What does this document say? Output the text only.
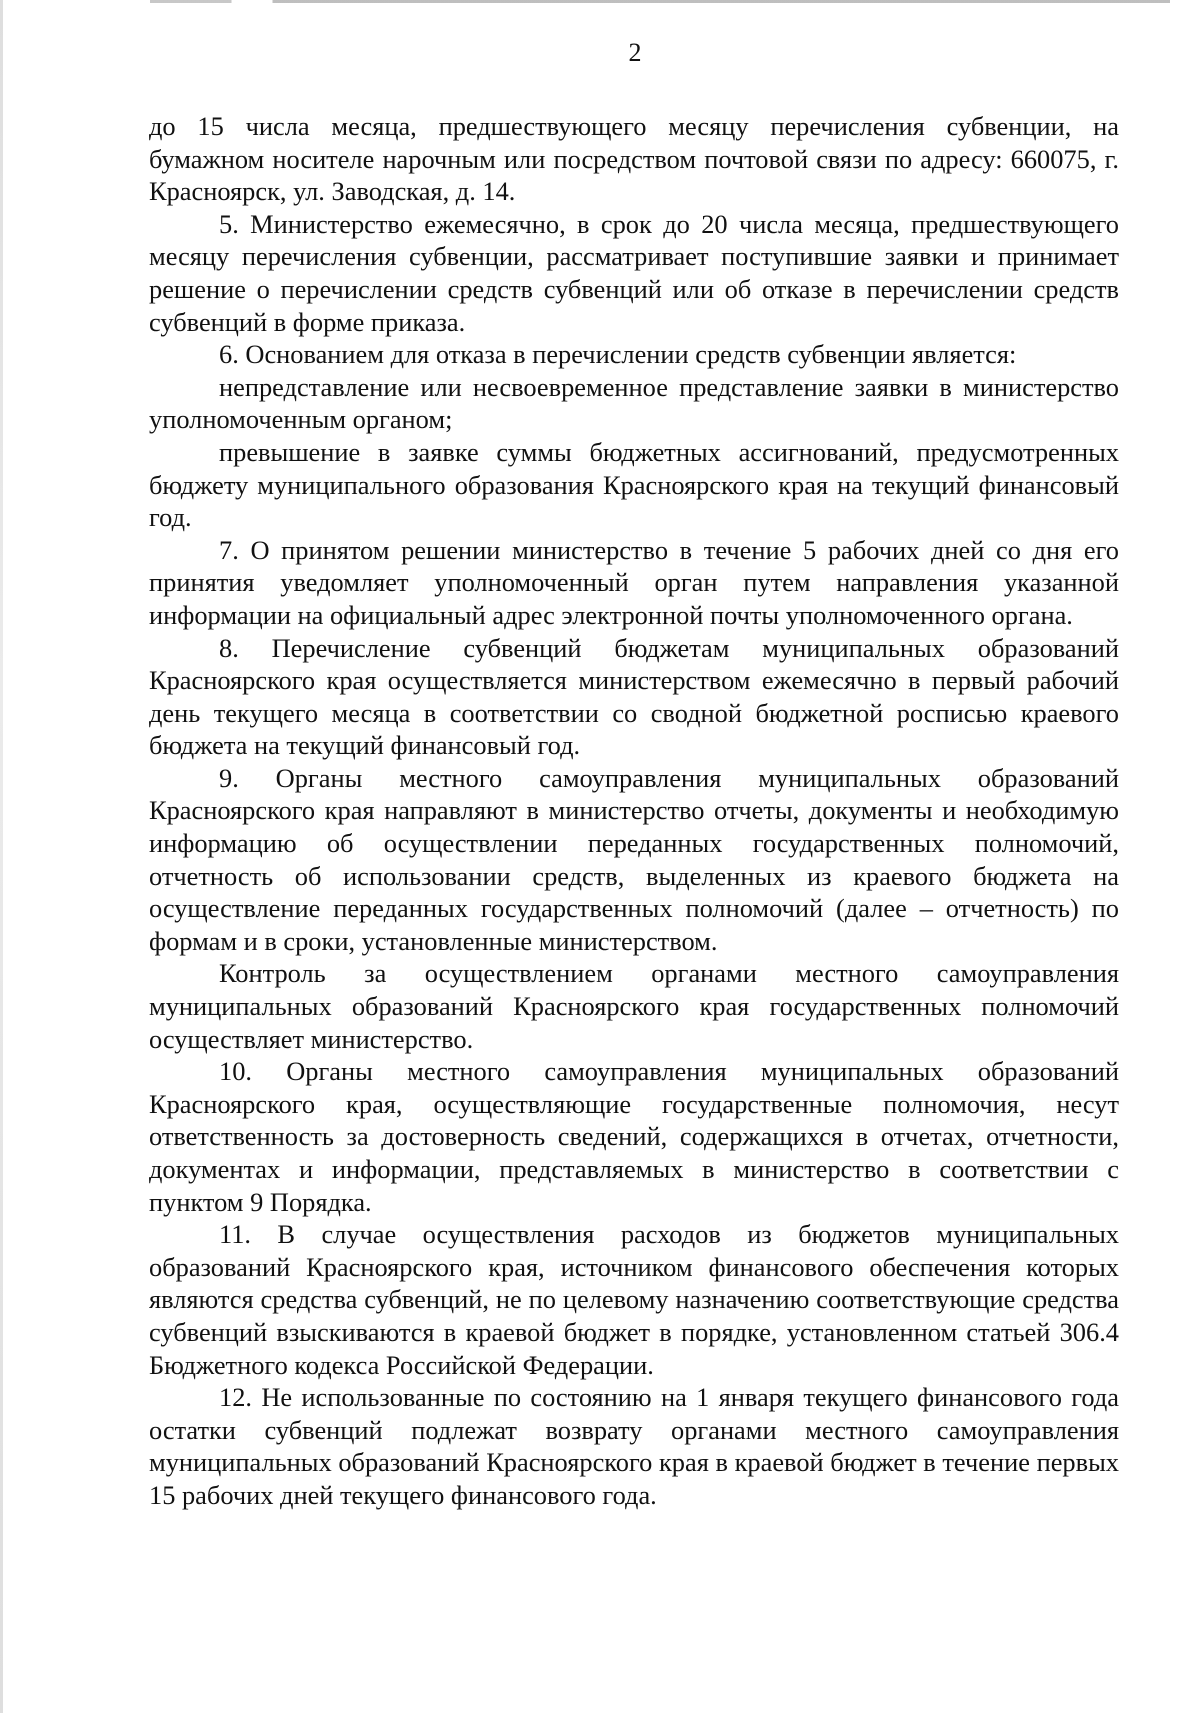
2

до 15 числа месяца, предшествующего месяцу перечисления субвенции, на бумажном носителе нарочным или посредством почтовой связи по адресу: 660075, г. Красноярск, ул. Заводская, д. 14.

5. Министерство ежемесячно, в срок до 20 числа месяца, предшествующего месяцу перечисления субвенции, рассматривает поступившие заявки и принимает решение о перечислении средств субвенций или об отказе в перечислении средств субвенций в форме приказа.

6. Основанием для отказа в перечислении средств субвенции является:

непредставление или несвоевременное представление заявки в министерство уполномоченным органом;

превышение в заявке суммы бюджетных ассигнований, предусмотренных бюджету муниципального образования Красноярского края на текущий финансовый год.

7. О принятом решении министерство в течение 5 рабочих дней со дня его принятия уведомляет уполномоченный орган путем направления указанной информации на официальный адрес электронной почты уполномоченного органа.

8. Перечисление субвенций бюджетам муниципальных образований Красноярского края осуществляется министерством ежемесячно в первый рабочий день текущего месяца в соответствии со сводной бюджетной росписью краевого бюджета на текущий финансовый год.

9. Органы местного самоуправления муниципальных образований Красноярского края направляют в министерство отчеты, документы и необходимую информацию об осуществлении переданных государственных полномочий, отчетность об использовании средств, выделенных из краевого бюджета на осуществление переданных государственных полномочий (далее – отчетность) по формам и в сроки, установленные министерством.

Контроль за осуществлением органами местного самоуправления муниципальных образований Красноярского края государственных полномочий осуществляет министерство.

10. Органы местного самоуправления муниципальных образований Красноярского края, осуществляющие государственные полномочия, несут ответственность за достоверность сведений, содержащихся в отчетах, отчетности, документах и информации, представляемых в министерство в соответствии с пунктом 9 Порядка.

11. В случае осуществления расходов из бюджетов муниципальных образований Красноярского края, источником финансового обеспечения которых являются средства субвенций, не по целевому назначению соответствующие средства субвенций взыскиваются в краевой бюджет в порядке, установленном статьей 306.4 Бюджетного кодекса Российской Федерации.

12. Не использованные по состоянию на 1 января текущего финансового года остатки субвенций подлежат возврату органами местного самоуправления муниципальных образований Красноярского края в краевой бюджет в течение первых 15 рабочих дней текущего финансового года.
